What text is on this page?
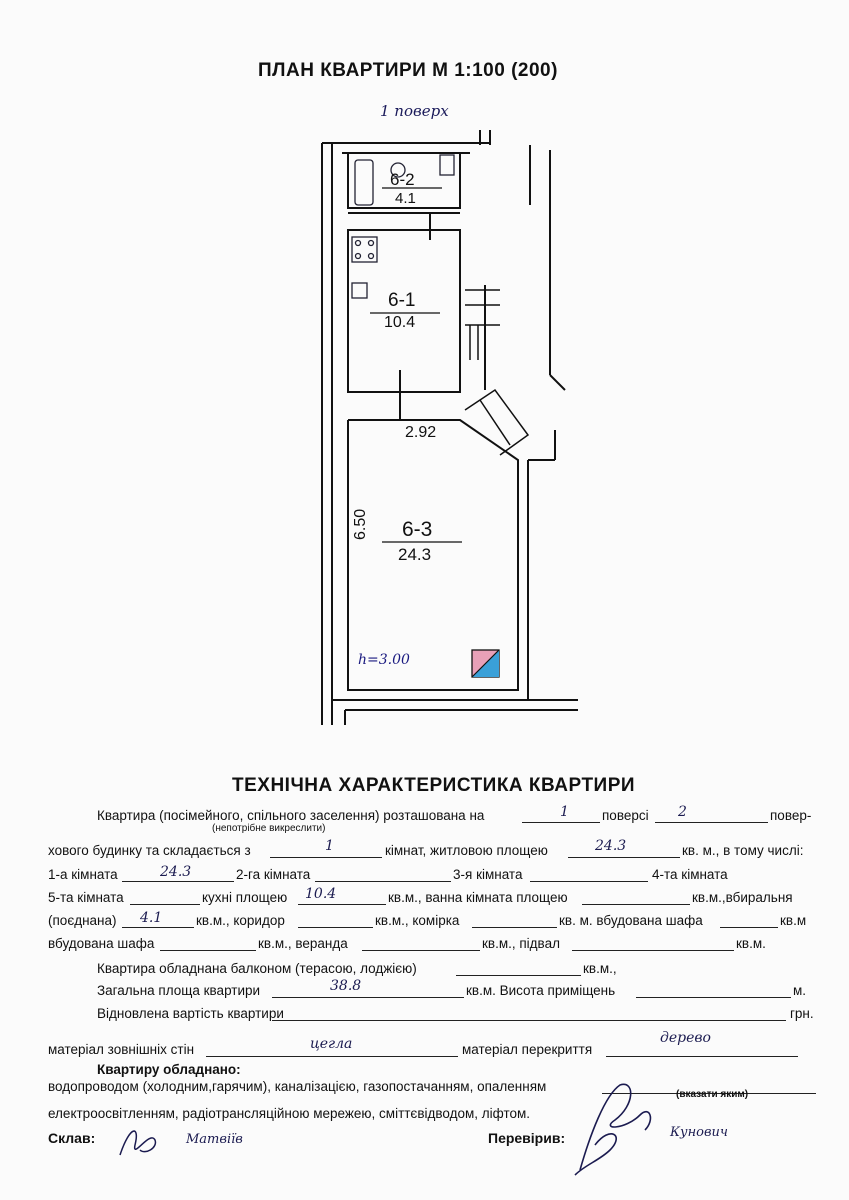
ПЛАН КВАРТИРИ М 1:100 (200)
1 поверх
6-2
4.1
6-1
10.4
6-3
24.3
2.92
6.50
h=3.00
ТЕХНІЧНА ХАРАКТЕРИСТИКА КВАРТИРИ
Квартира (посімейного, спільного заселення) розташована на	1 поверсі 2	повер-
(непотрібне викреслити)
хового будинку та складається з	1	кімнат, житловою площею	24.3	кв. м., в тому числі:
1-а кімната	24.3	2-га кімната	3-я кімната	4-та кімната
5-та кімната	кухні площею 10.4	кв.м., ванна кімната площею	кв.м.,вбиральня
(поєднана) 4.1 кв.м., коридор	кв.м., комірка	кв. м. вбудована шафа	кв.м
вбудована шафа	кв.м., веранда	кв.м., підвал	кв.м.
Квартира обладнана балконом (терасою, лоджією)	кв.м.,
Загальна площа квартири	38.8	кв.м. Висота приміщень	м.
Відновлена вартість квартири	грн.
матеріал зовнішніх стін	цегла	матеріал перекриття
дерево
Квартиру обладнано:
водопроводом (холодним,гарячим), каналізацією, газопостачанням, опаленням
(вказати яким)
електроосвітленням, радіотрансляційною мережею, сміттєвідводом, ліфтом.
Склав:	Матвіїв	Перевірив:	Кунович
